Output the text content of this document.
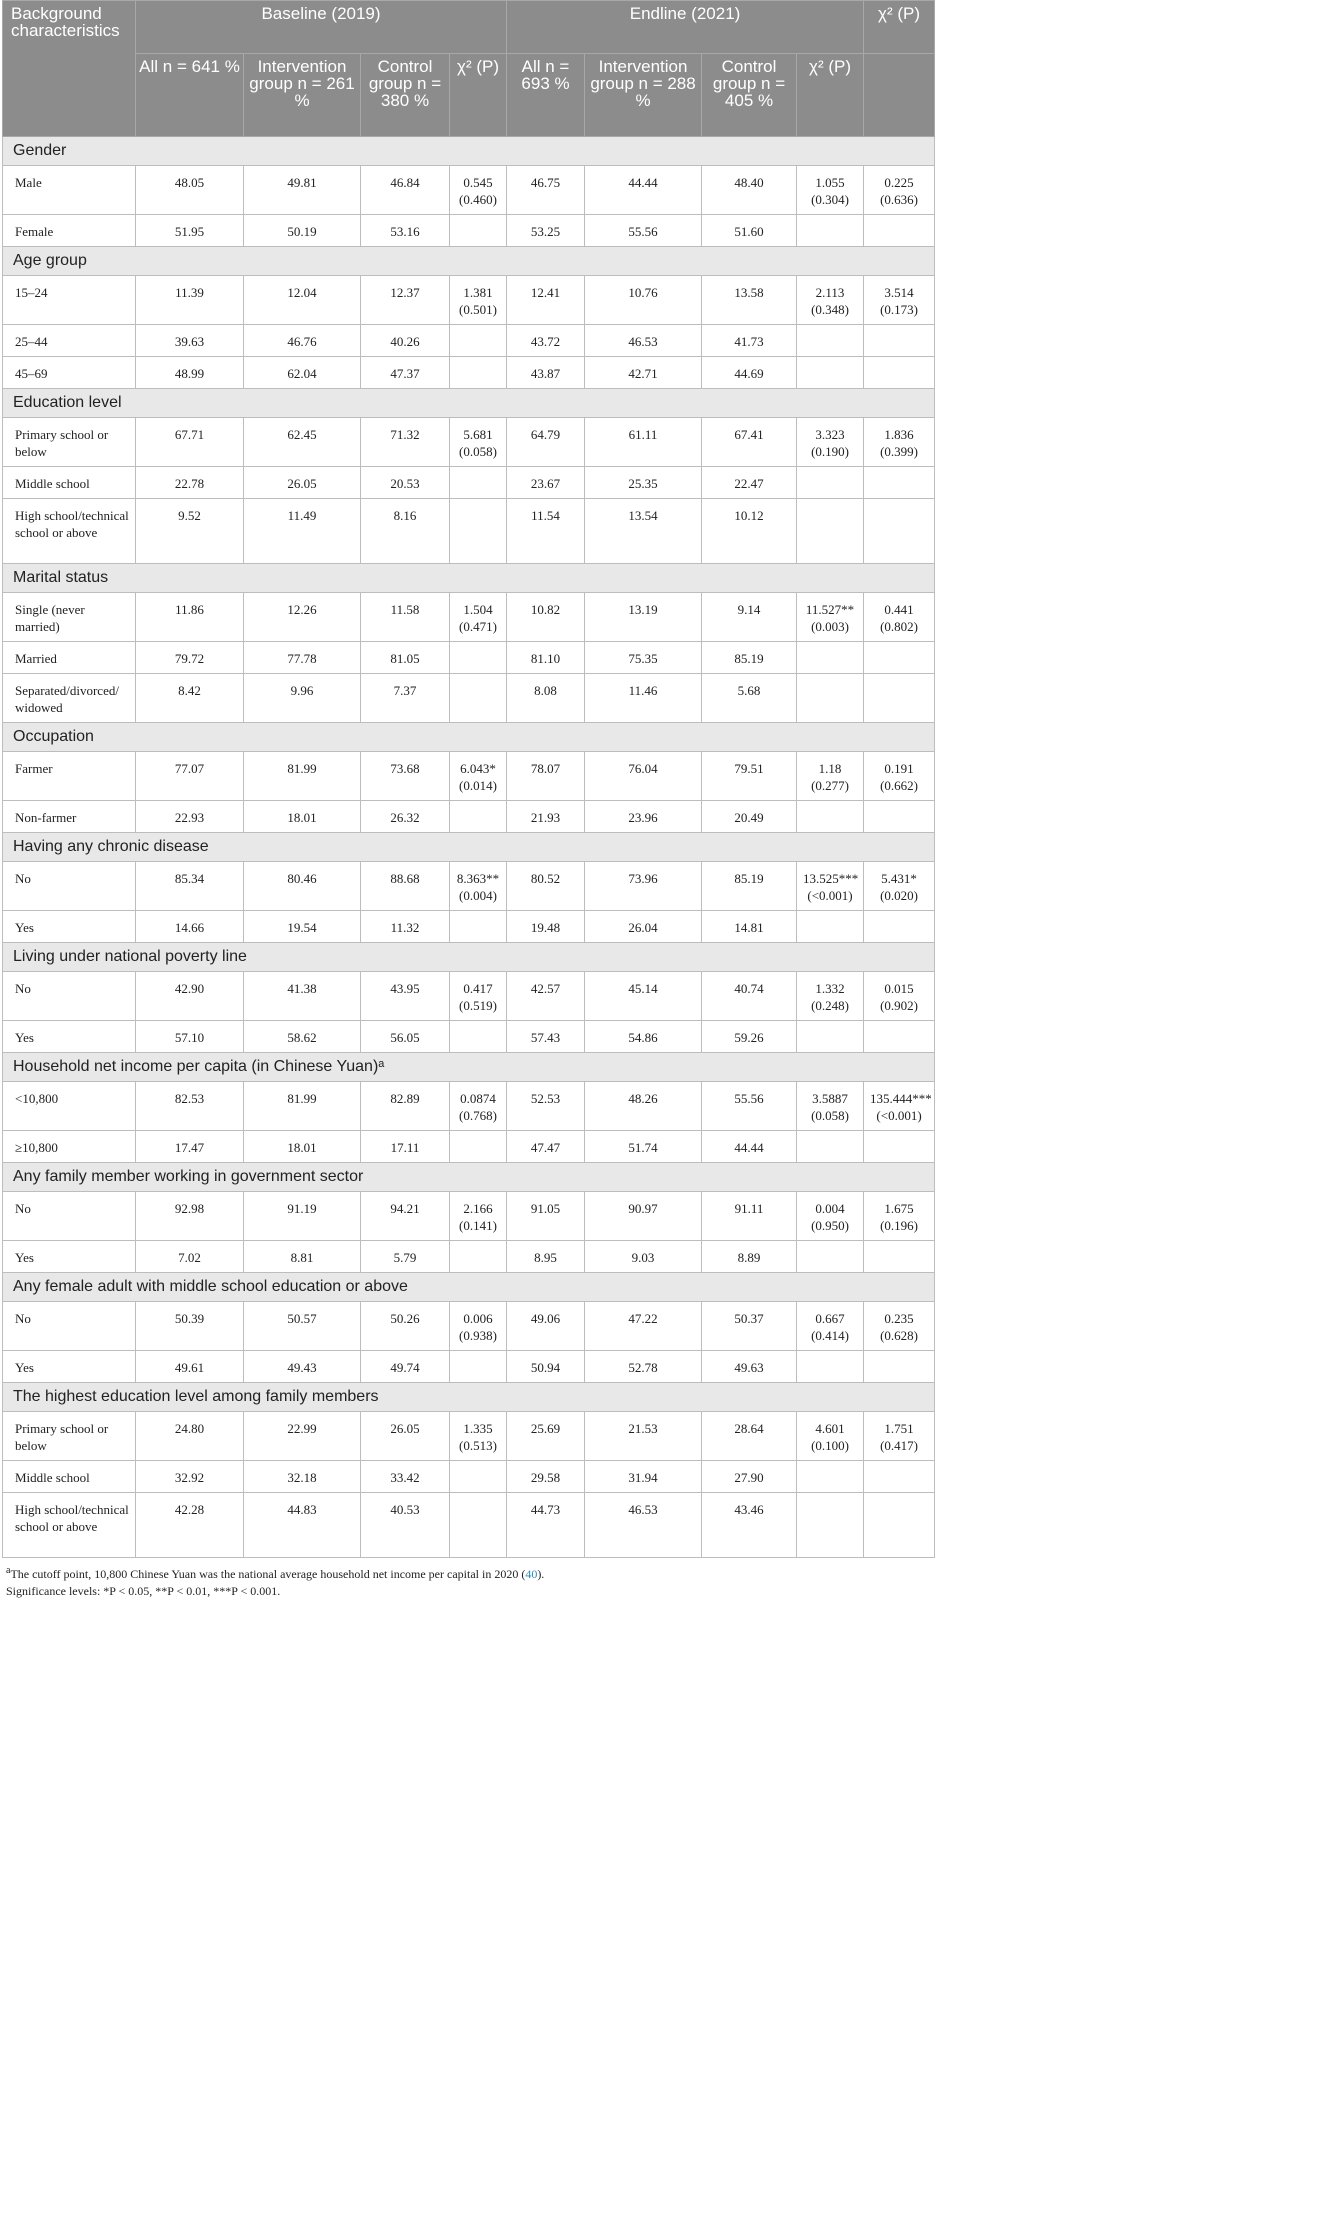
Background characteristics	Baseline (2019)				Endline (2021)				χ² (P)
	All n = 641 %	Intervention group n = 261 %	Control group n = 380 %	χ² (P)	All n = 693 %	Intervention group n = 288 %	Control group n = 405 %	χ² (P)	
Gender									
Male	48.05	49.81	46.84	0.545 (0.460)	46.75	44.44	48.40	1.055 (0.304)	0.225 (0.636)
Female	51.95	50.19	53.16		53.25	55.56	51.60		
Age group									
15–24	11.39	12.04	12.37	1.381 (0.501)	12.41	10.76	13.58	2.113 (0.348)	3.514 (0.173)
25–44	39.63	46.76	40.26		43.72	46.53	41.73		
45–69	48.99	62.04	47.37		43.87	42.71	44.69		
Education level									
Primary school or below	67.71	62.45	71.32	5.681 (0.058)	64.79	61.11	67.41	3.323 (0.190)	1.836 (0.399)
Middle school	22.78	26.05	20.53		23.67	25.35	22.47		
High school/technical school or above	9.52	11.49	8.16		11.54	13.54	10.12		
Marital status									
Single (never married)	11.86	12.26	11.58	1.504 (0.471)	10.82	13.19	9.14	11.527** (0.003)	0.441 (0.802)
Married	79.72	77.78	81.05		81.10	75.35	85.19		
Separated/divorced/ widowed	8.42	9.96	7.37		8.08	11.46	5.68		
Occupation									
Farmer	77.07	81.99	73.68	6.043* (0.014)	78.07	76.04	79.51	1.18 (0.277)	0.191 (0.662)
Non-farmer	22.93	18.01	26.32		21.93	23.96	20.49		
Having any chronic disease									
No	85.34	80.46	88.68	8.363** (0.004)	80.52	73.96	85.19	13.525*** (<0.001)	5.431* (0.020)
Yes	14.66	19.54	11.32		19.48	26.04	14.81		
Living under national poverty line									
No	42.90	41.38	43.95	0.417 (0.519)	42.57	45.14	40.74	1.332 (0.248)	0.015 (0.902)
Yes	57.10	58.62	56.05		57.43	54.86	59.26		
Household net income per capita (in Chinese Yuan)ᵃ									
<10,800	82.53	81.99	82.89	0.0874 (0.768)	52.53	48.26	55.56	3.5887 (0.058)	135.444*** (<0.001)
≥10,800	17.47	18.01	17.11		47.47	51.74	44.44		
Any family member working in government sector									
No	92.98	91.19	94.21	2.166 (0.141)	91.05	90.97	91.11	0.004 (0.950)	1.675 (0.196)
Yes	7.02	8.81	5.79		8.95	9.03	8.89		
Any female adult with middle school education or above									
No	50.39	50.57	50.26	0.006 (0.938)	49.06	47.22	50.37	0.667 (0.414)	0.235 (0.628)
Yes	49.61	49.43	49.74		50.94	52.78	49.63		
The highest education level among family members									
Primary school or below	24.80	22.99	26.05	1.335 (0.513)	25.69	21.53	28.64	4.601 (0.100)	1.751 (0.417)
Middle school	32.92	32.18	33.42		29.58	31.94	27.90		
High school/technical school or above	42.28	44.83	40.53		44.73	46.53	43.46		
$^a$The cutoff point, 10,800 Chinese Yuan was the national average household net income per capital in 2020 (40).
Significance levels: *P < 0.05, **P < 0.01, ***P < 0.001.
